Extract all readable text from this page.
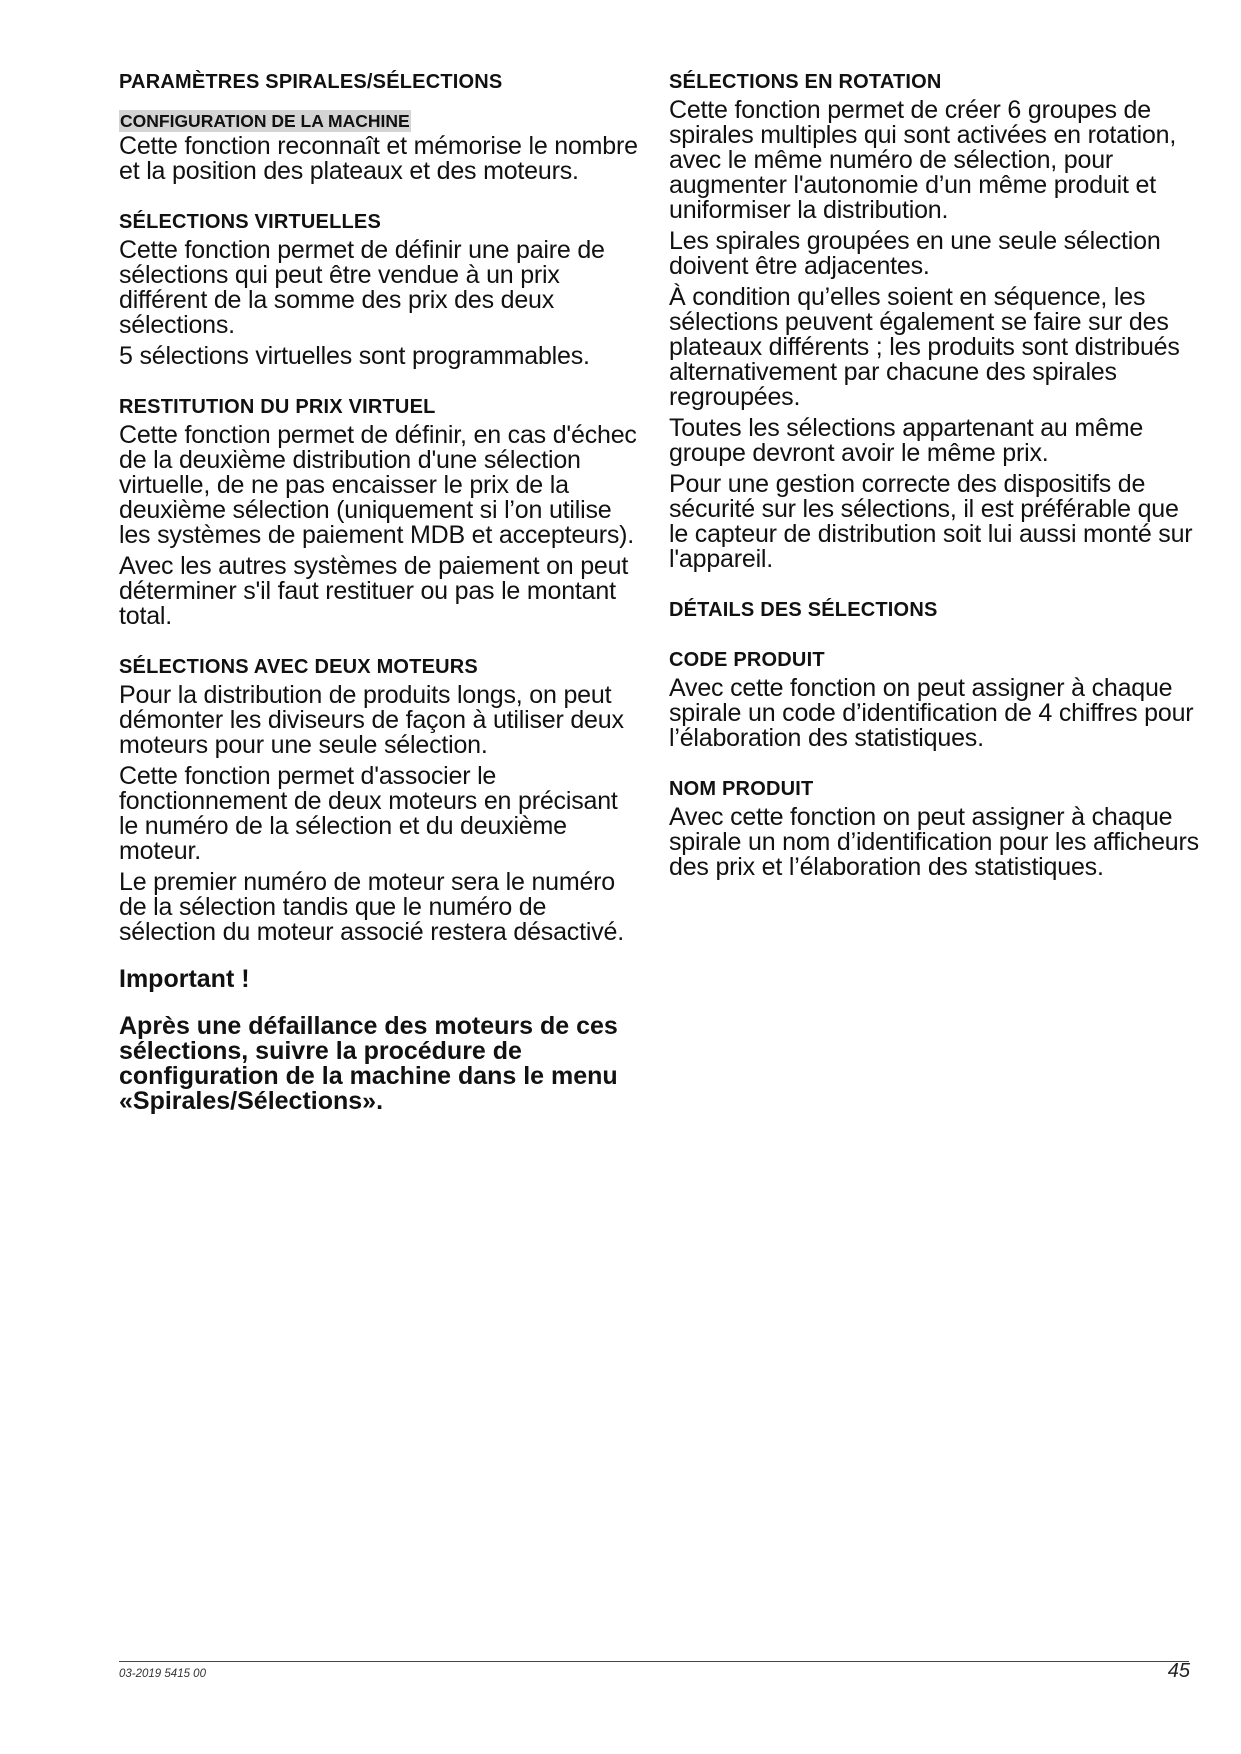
PARAMÈTRES SPIRALES/SÉLECTIONS
CONFIGURATION DE LA MACHINE

Cette fonction reconnaît et mémorise le nombre et la position des plateaux et des moteurs.

SÉLECTIONS VIRTUELLES

Cette fonction permet de définir une paire de sélections qui peut être vendue à un prix différent de la somme des prix des deux sélections.

5 sélections virtuelles sont programmables.

RESTITUTION DU PRIX VIRTUEL

Cette fonction permet de définir, en cas d'échec de la deuxième distribution d'une sélection virtuelle, de ne pas encaisser le prix de la deuxième sélection (uniquement si l’on utilise les systèmes de paiement MDB et accepteurs).

Avec les autres systèmes de paiement on peut déterminer s'il faut restituer ou pas le montant total.

SÉLECTIONS AVEC DEUX MOTEURS

Pour la distribution de produits longs, on peut démonter les diviseurs de façon à utiliser deux moteurs pour une seule sélection.

Cette fonction permet d'associer le fonctionnement de deux moteurs en précisant le numéro de la sélection et du deuxième moteur.

Le premier numéro de moteur sera le numéro de la sélection tandis que le numéro de sélection du moteur associé restera désactivé.

Important !

Après une défaillance des moteurs de ces sélections, suivre la procédure de configuration de la machine dans le menu «Spirales/Sélections».

SÉLECTIONS EN ROTATION

Cette fonction permet de créer 6 groupes de spirales multiples qui sont activées en rotation, avec le même numéro de sélection, pour augmenter l'autonomie d’un même produit et uniformiser la distribution.

Les spirales groupées en une seule sélection doivent être adjacentes.

À condition qu’elles soient en séquence, les sélections peuvent également se faire sur des plateaux différents ; les produits sont distribués alternativement par chacune des spirales regroupées.

Toutes les sélections appartenant au même groupe devront avoir le même prix.

Pour une gestion correcte des dispositifs de sécurité sur les sélections, il est préférable que le capteur de distribution soit lui aussi monté sur l'appareil.

DÉTAILS DES SÉLECTIONS
CODE PRODUIT

Avec cette fonction on peut assigner à chaque spirale un code d’identification de 4 chiffres pour l’élaboration des statistiques.

NOM PRODUIT

Avec cette fonction on peut assigner à chaque spirale un nom d’identification pour les afficheurs des prix et l’élaboration des statistiques.

03-2019 5415 00	45
